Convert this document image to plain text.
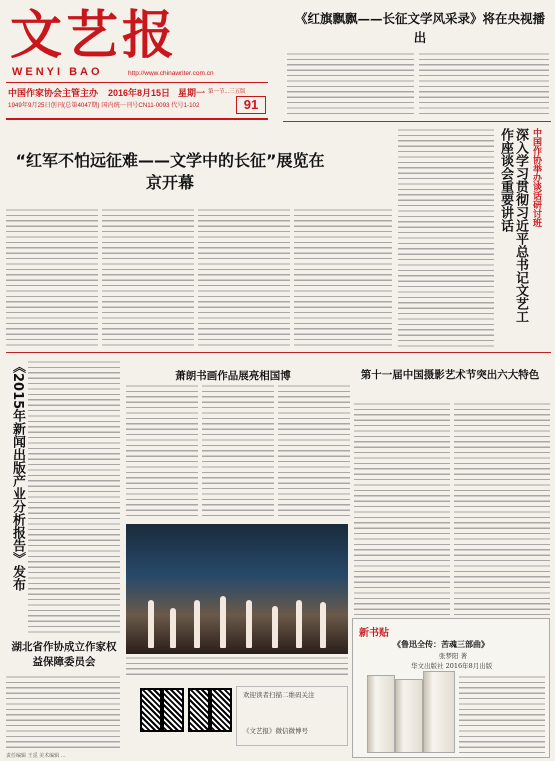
文艺报
WENYI BAO	http://www.chinawriter.com.cn
中国作家协会主管主办 2016年8月15日 星期一 第一节...三五版
91
1949年9月25日创刊(总第4047期) 国内统一刊号CN11-0093 代号1-102
《红旗飘飘——长征文学风采录》将在央视播出
“红军不怕远征难——文学中的长征”展览在京开幕	中国作协举办谈话研讨班
深入学习贯彻习近平总书记文艺工作座谈会重要讲话
《2015年新闻出版产业分析报告》发布
湖北省作协成立作家权益保障委员会
萧朗书画作品展亮相国博	第十一届中国摄影艺术节突出六大特色
欢迎读者扫描二维码关注
《文艺报》微信微博号
新书贴
《鲁迅全传：苦魂三部曲》
张梦阳 著
华文出版社 2016年8月出版
责任编辑 王觅 美术编辑 ...
